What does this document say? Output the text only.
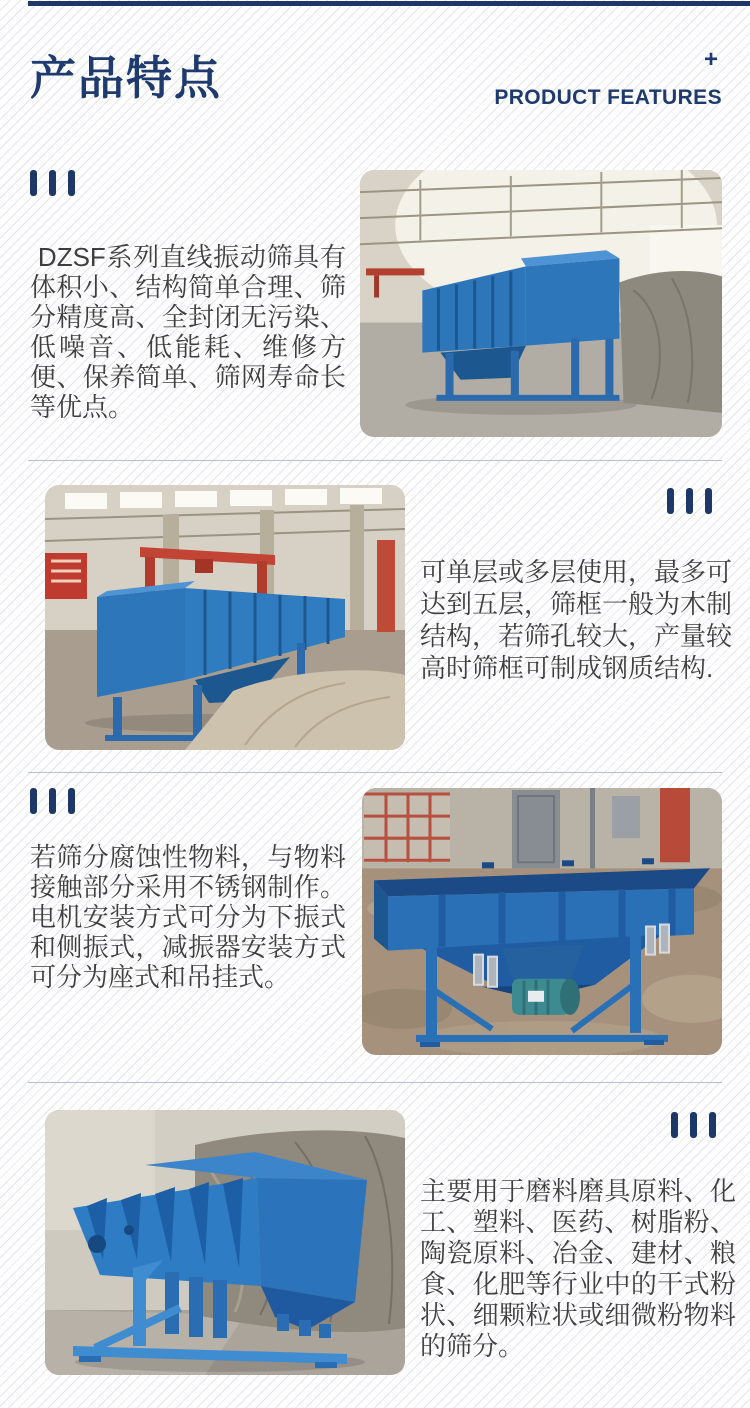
产品特点	+
PRODUCT FEATURES

DZSF系列直线振动筛具有体积小、结构简单合理、筛分精度高、全封闭无污染、低噪音、低能耗、维修方便、保养简单、筛网寿命长等优点。

可单层或多层使用，最多可达到五层，筛框一般为木制结构，若筛孔较大，产量较高时筛框可制成钢质结构.

若筛分腐蚀性物料，与物料接触部分采用不锈钢制作。电机安装方式可分为下振式和侧振式，减振器安装方式可分为座式和吊挂式。

主要用于磨料磨具原料、化工、塑料、医药、树脂粉、陶瓷原料、冶金、建材、粮食、化肥等行业中的干式粉状、细颗粒状或细微粉物料的筛分。
